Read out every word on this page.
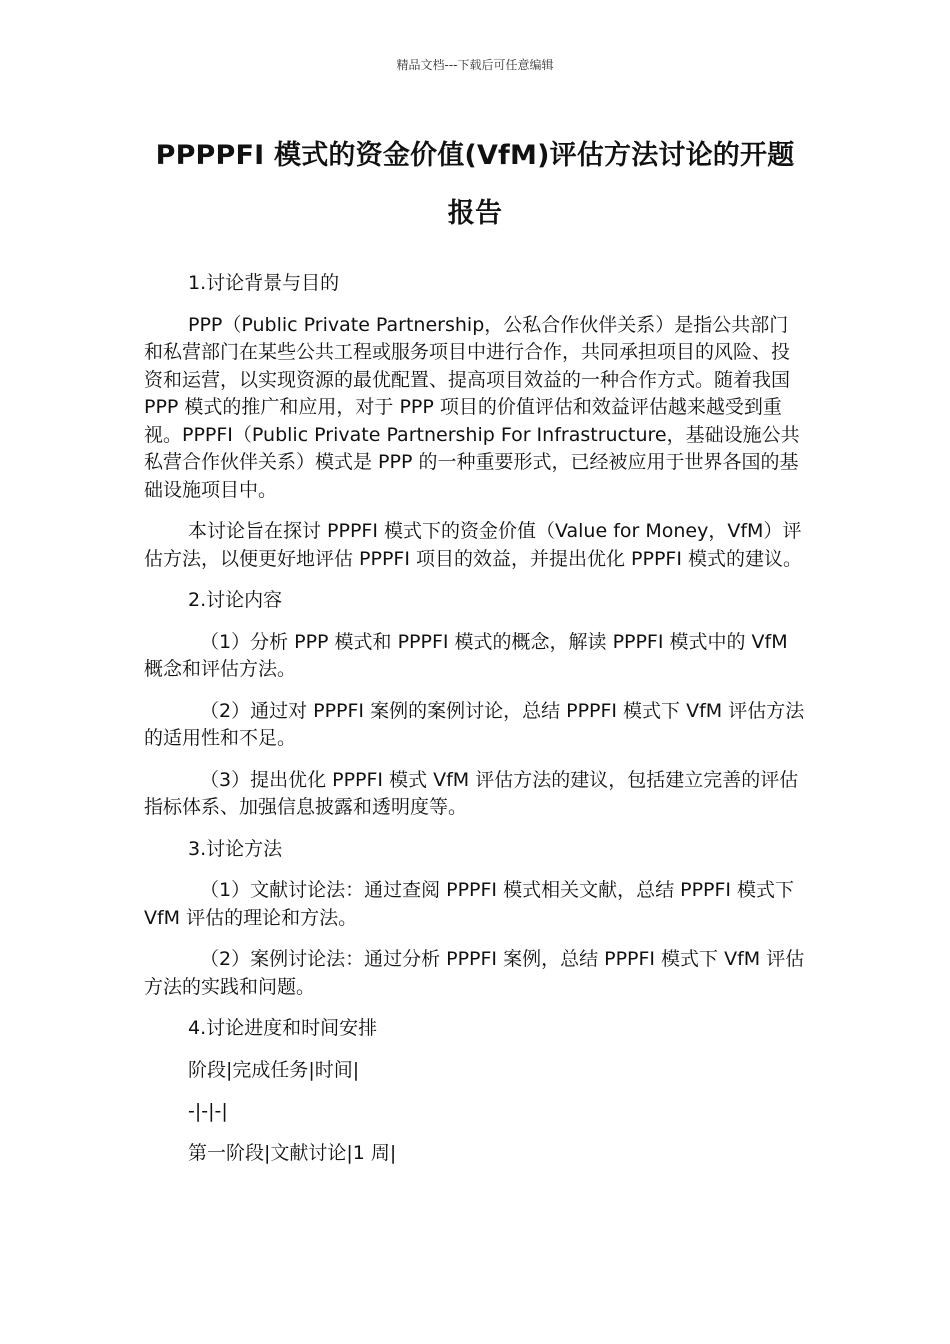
精品文档---下载后可任意编辑
PPPPFI 模式的资金价值(VfM)评估方法讨论的开题
报告

1.讨论背景与目的

PPP（Public Private Partnership，公私合作伙伴关系）是指公共部门和私营部门在某些公共工程或服务项目中进行合作，共同承担项目的风险、投资和运营，以实现资源的最优配置、提高项目效益的一种合作方式。随着我国 PPP 模式的推广和应用，对于 PPP 项目的价值评估和效益评估越来越受到重视。PPPFI（Public Private Partnership For Infrastructure，基础设施公共私营合作伙伴关系）模式是 PPP 的一种重要形式，已经被应用于世界各国的基础设施项目中。

本讨论旨在探讨 PPPFI 模式下的资金价值（Value for Money，VfM）评估方法，以便更好地评估 PPPFI 项目的效益，并提出优化 PPPFI 模式的建议。

2.讨论内容

（1）分析 PPP 模式和 PPPFI 模式的概念，解读 PPPFI 模式中的 VfM 概念和评估方法。

（2）通过对 PPPFI 案例的案例讨论，总结 PPPFI 模式下 VfM 评估方法的适用性和不足。

（3）提出优化 PPPFI 模式 VfM 评估方法的建议，包括建立完善的评估指标体系、加强信息披露和透明度等。

3.讨论方法

（1）文献讨论法：通过查阅 PPPFI 模式相关文献，总结 PPPFI 模式下 VfM 评估的理论和方法。

（2）案例讨论法：通过分析 PPPFI 案例，总结 PPPFI 模式下 VfM 评估方法的实践和问题。

4.讨论进度和时间安排

阶段|完成任务|时间|

-|-|-|

第一阶段|文献讨论|1 周|
